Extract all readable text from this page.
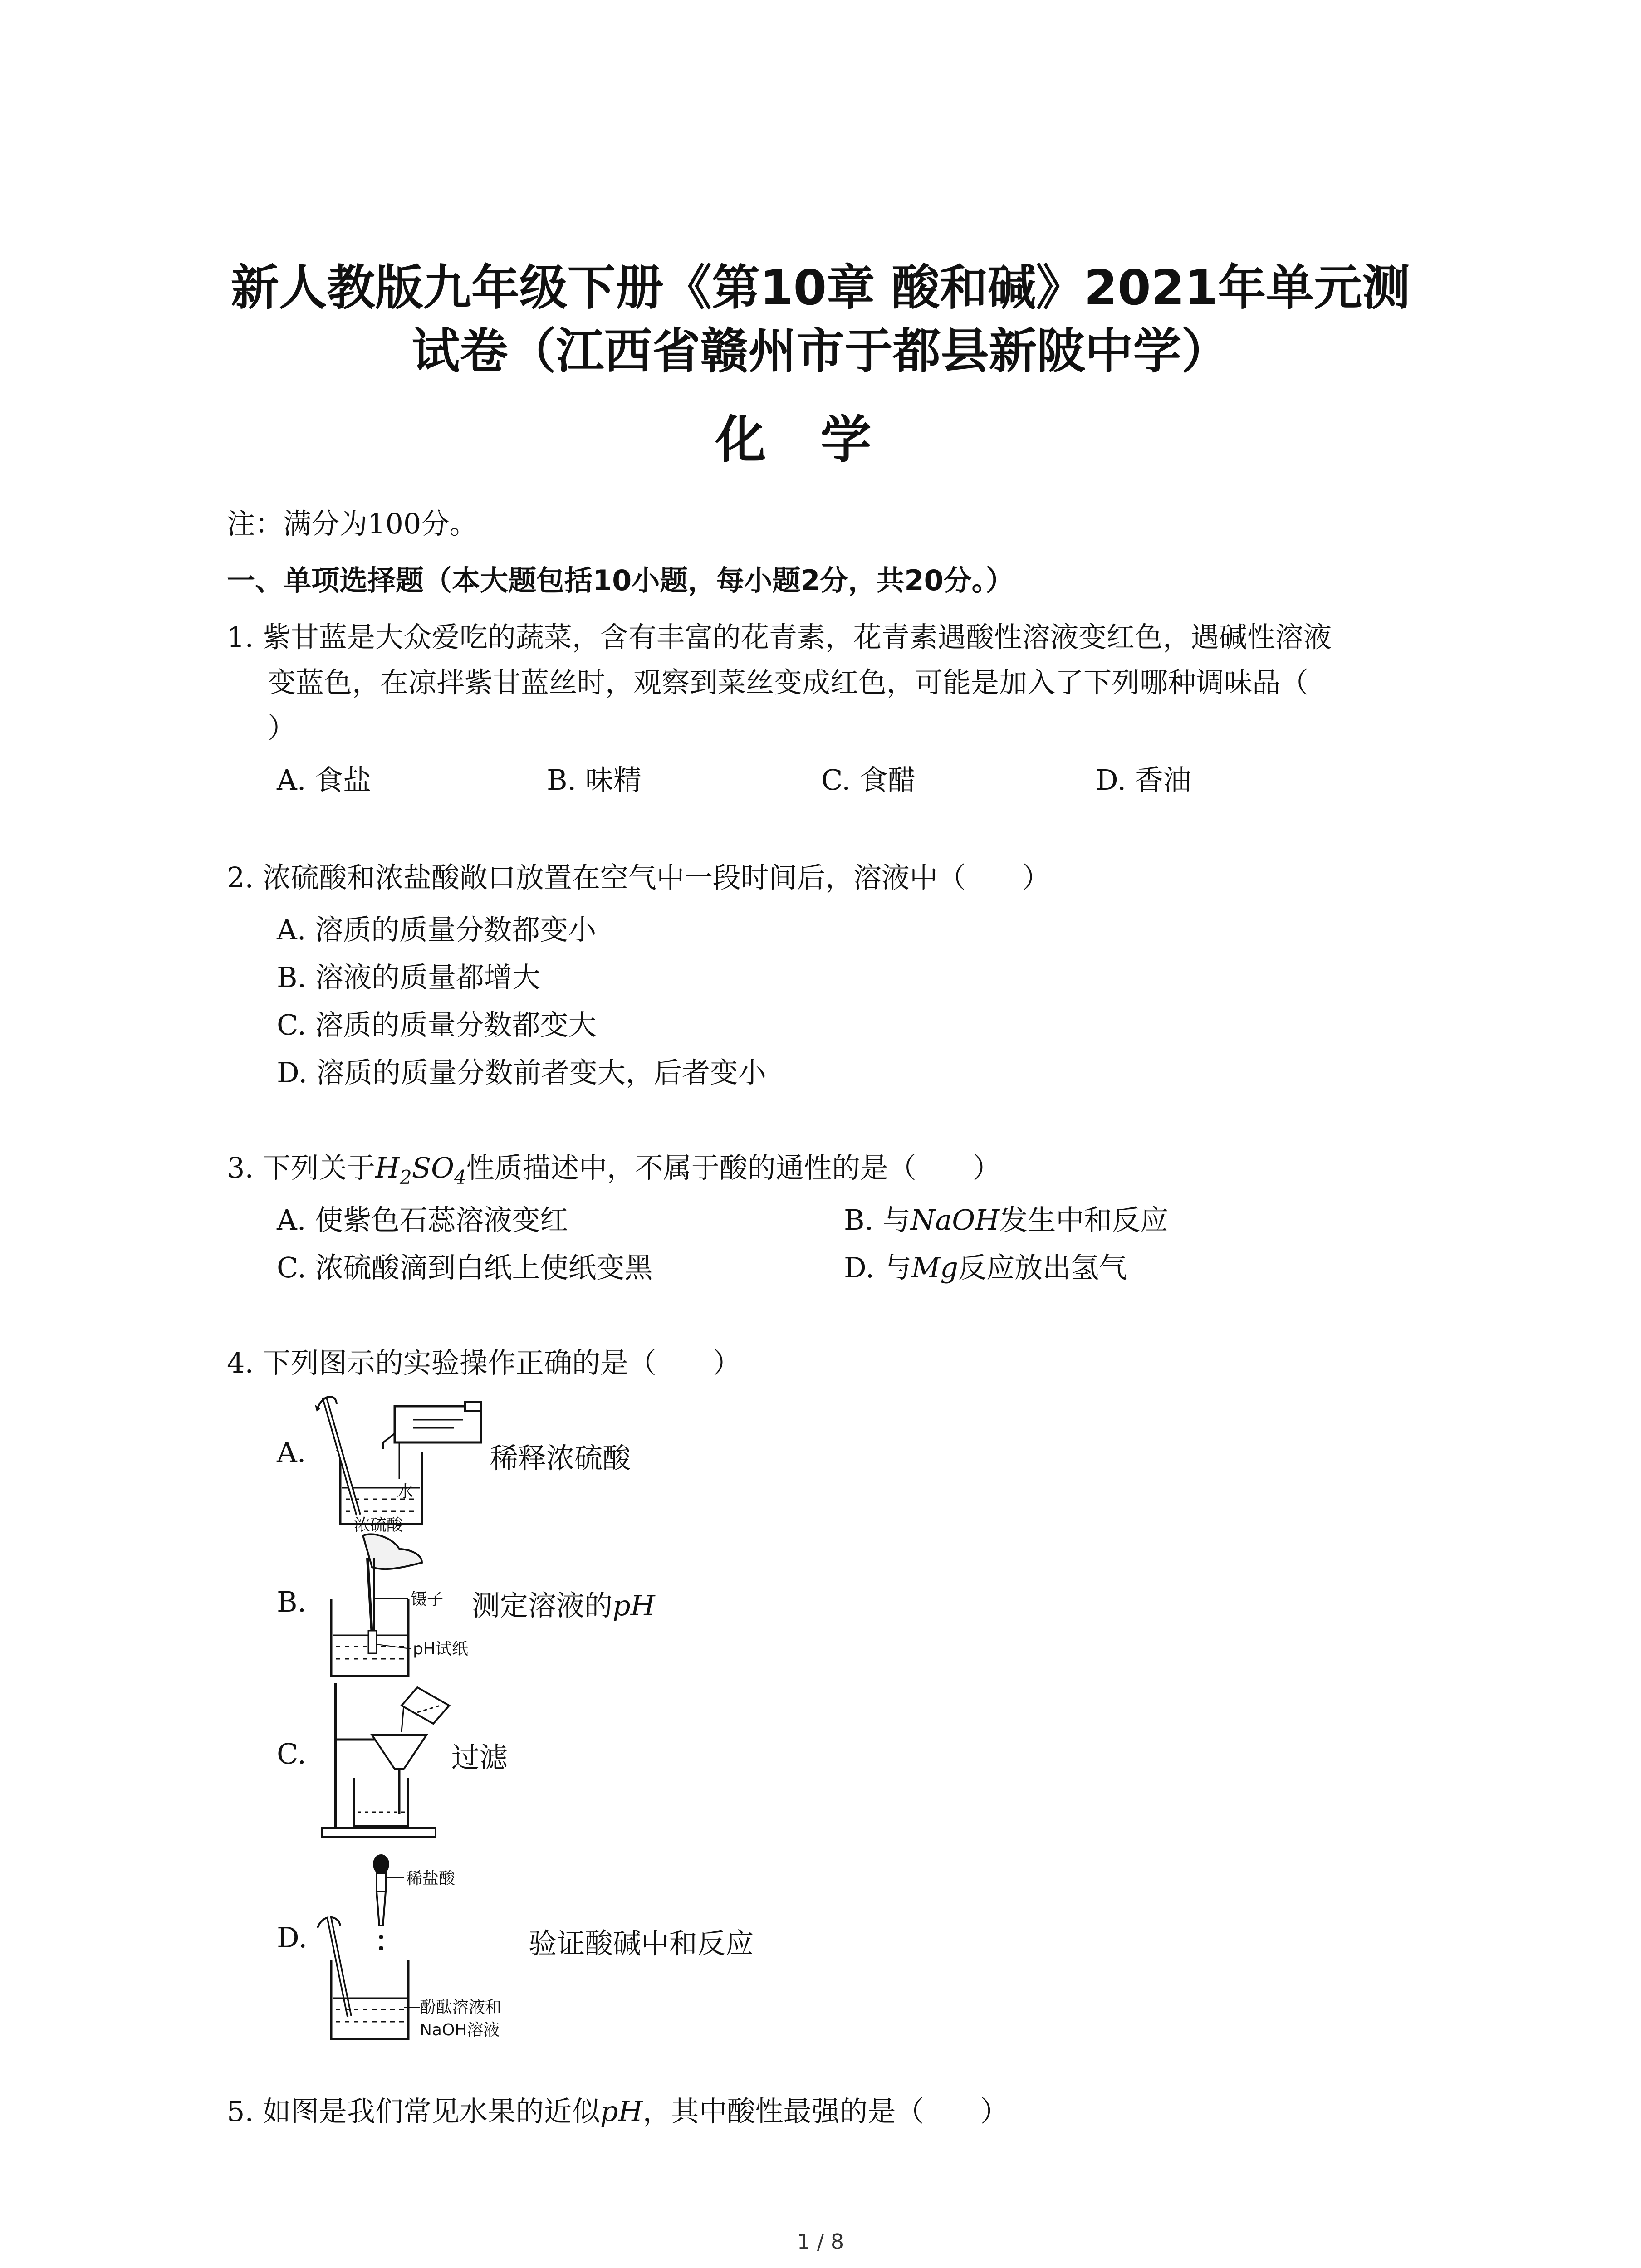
新人教版九年级下册《第10章 酸和碱》2021年单元测
试卷（江西省赣州市于都县新陂中学）
化学
注：满分为100分。
一、单项选择题（本大题包括10小题，每小题2分，共20分。）
1. 紫甘蓝是大众爱吃的蔬菜，含有丰富的花青素，花青素遇酸性溶液变红色，遇碱性溶液
变蓝色，在凉拌紫甘蓝丝时，观察到菜丝变成红色，可能是加入了下列哪种调味品（
）
A. 食盐	B. 味精	C. 食醋	D. 香油
2. 浓硫酸和浓盐酸敞口放置在空气中一段时间后，溶液中（　　）
A. 溶质的质量分数都变小
B. 溶液的质量都增大
C. 溶质的质量分数都变大
D. 溶质的质量分数前者变大，后者变小
3. 下列关于$H_2SO_4$性质描述中，不属于酸的通性的是（　　）
A. 使紫色石蕊溶液变红	B. 与NaOH发生中和反应
C. 浓硫酸滴到白纸上使纸变黑	D. 与Mg反应放出氢气
4. 下列图示的实验操作正确的是（　　）
A.
水
浓硫酸
稀释浓硫酸
B.	镊子
pH试纸
测定溶液的pH
C.	过滤
D.
稀盐酸
酚酞溶液和
NaOH溶液
验证酸碱中和反应
5. 如图是我们常见水果的近似pH，其中酸性最强的是（　　）
1 / 8
